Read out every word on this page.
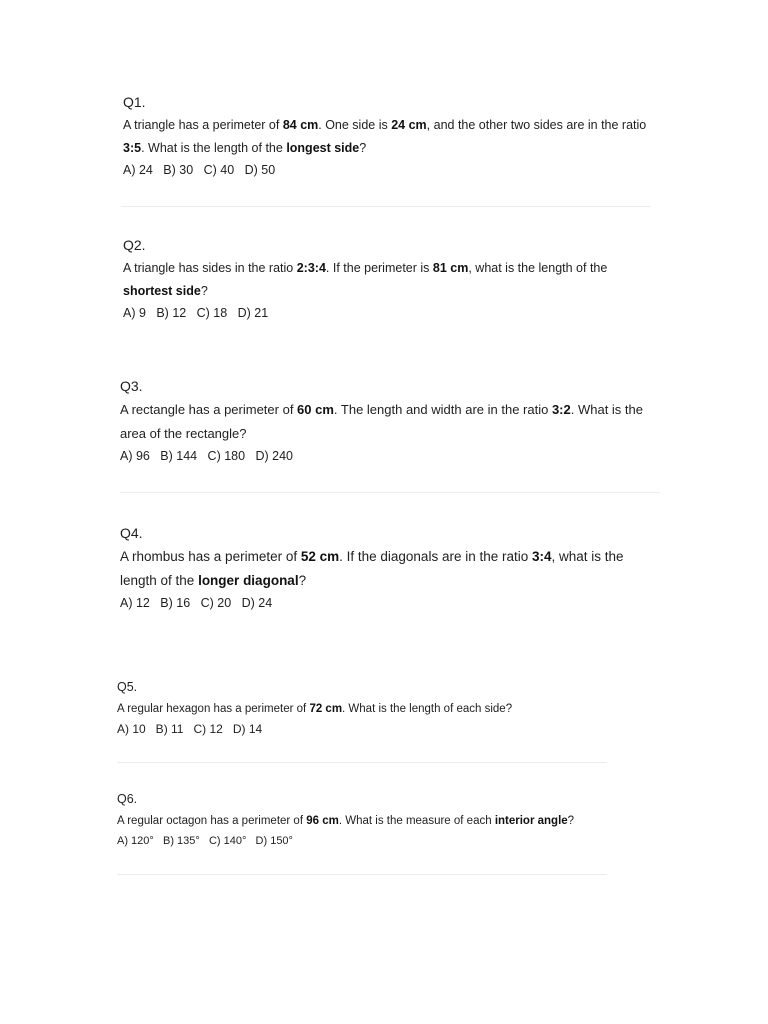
Q1.

A triangle has a perimeter of 84 cm. One side is 24 cm, and the other two sides are in the ratio 3:5. What is the length of the longest side?

A) 24   B) 30   C) 40   D) 50

Q2.

A triangle has sides in the ratio 2:3:4. If the perimeter is 81 cm, what is the length of the shortest side?

A) 9   B) 12   C) 18   D) 21

Q3.

A rectangle has a perimeter of 60 cm. The length and width are in the ratio 3:2. What is the area of the rectangle?

A) 96   B) 144   C) 180   D) 240

Q4.

A rhombus has a perimeter of 52 cm. If the diagonals are in the ratio 3:4, what is the length of the longer diagonal?

A) 12   B) 16   C) 20   D) 24

Q5.

A regular hexagon has a perimeter of 72 cm. What is the length of each side?

A) 10   B) 11   C) 12   D) 14

Q6.

A regular octagon has a perimeter of 96 cm. What is the measure of each interior angle?

A) 120°   B) 135°   C) 140°   D) 150°
